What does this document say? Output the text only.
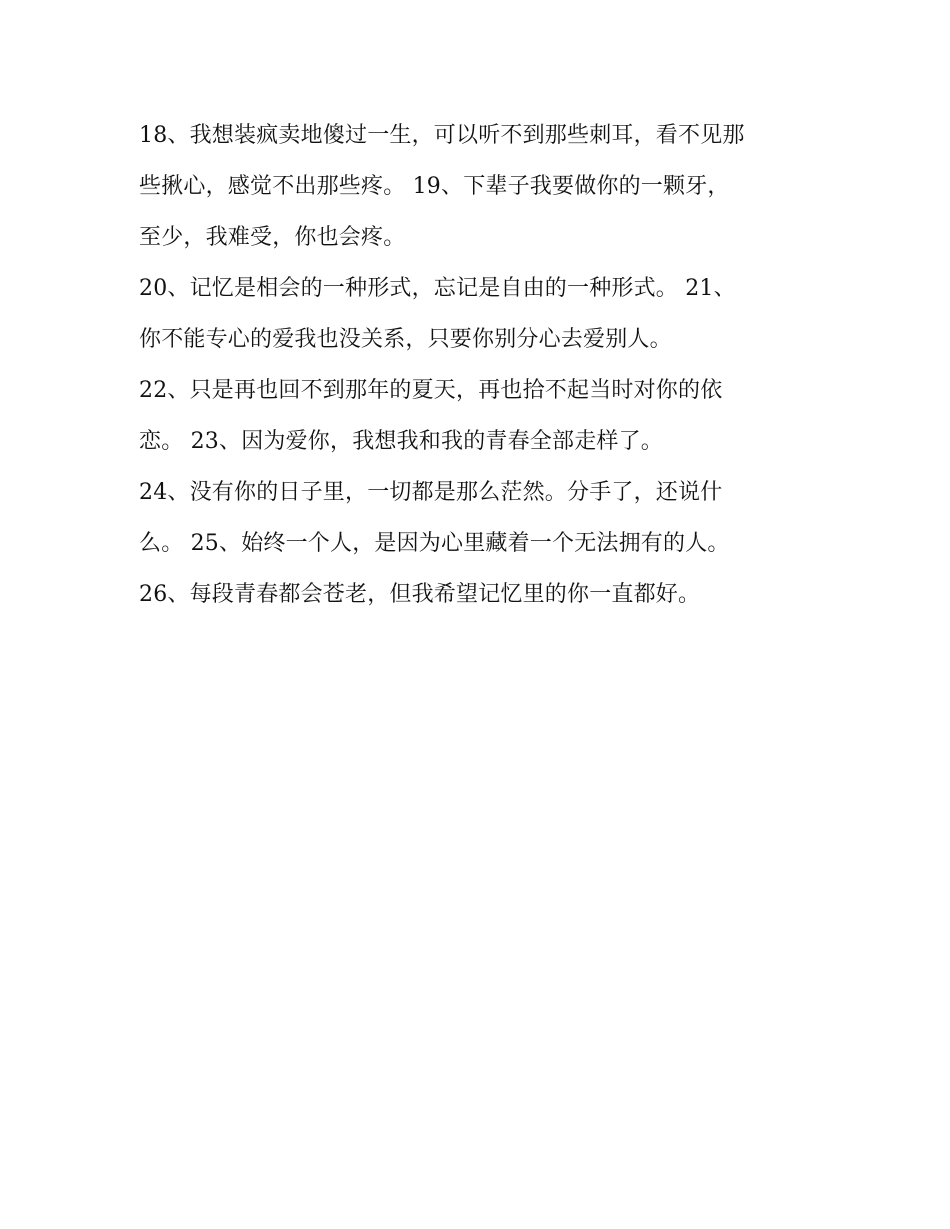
18、我想装疯卖地傻过一生，可以听不到那些刺耳，看不见那
些揪心，感觉不出那些疼。 19、下辈子我要做你的一颗牙，
至少，我难受，你也会疼。
20、记忆是相会的一种形式，忘记是自由的一种形式。 21、
你不能专心的爱我也没关系，只要你别分心去爱别人。
22、只是再也回不到那年的夏天，再也拾不起当时对你的依
恋。 23、因为爱你，我想我和我的青春全部走样了。
24、没有你的日子里，一切都是那么茫然。分手了，还说什
么。 25、始终一个人，是因为心里藏着一个无法拥有的人。
26、每段青春都会苍老，但我希望记忆里的你一直都好。
